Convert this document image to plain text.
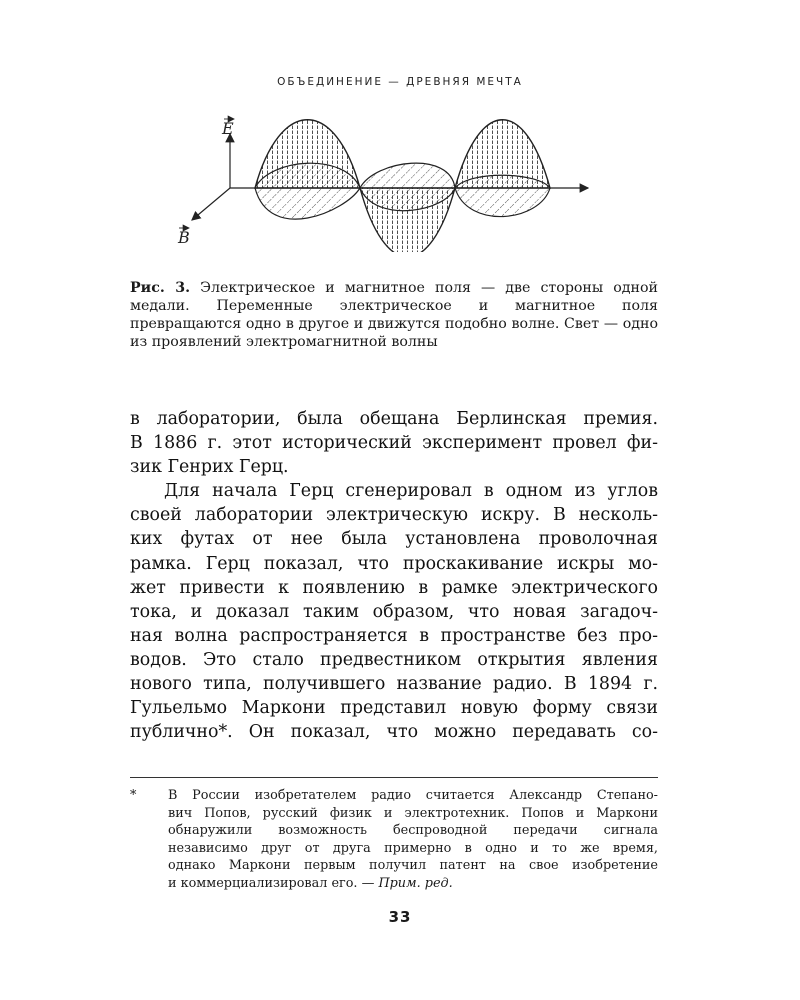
ОБЪЕДИНЕНИЕ — ДРЕВНЯЯ МЕЧТА
E
B
Рис. 3. Электрическое и магнитное поля — две стороны одной медали. Переменные электрическое и магнитное поля превращаются одно в другое и движутся подобно волне. Свет — одно из проявлений электромагнитной волны

в лаборатории, была обещана Берлинская премия.
В 1886 г. этот исторический эксперимент провел фи-
зик Генрих Герц.

Для начала Герц сгенерировал в одном из углов
своей лаборатории электрическую искру. В несколь-
ких футах от нее была установлена проволочная
рамка. Герц показал, что проскакивание искры мо-
жет привести к появлению в рамке электрического
тока, и доказал таким образом, что новая загадоч-
ная волна распространяется в пространстве без про-
водов. Это стало предвестником открытия явления
нового типа, получившего название радио. В 1894 г.
Гульельмо Маркони представил новую форму связи
публично*. Он показал, что можно передавать со-

* В России изобретателем радио считается Александр Степано-
вич Попов, русский физик и электротехник. Попов и Маркони
обнаружили возможность беспроводной передачи сигнала
независимо друг от друга примерно в одно и то же время,
однако Маркони первым получил патент на свое изобретение
и коммерциализировал его. — Прим. ред.
33
